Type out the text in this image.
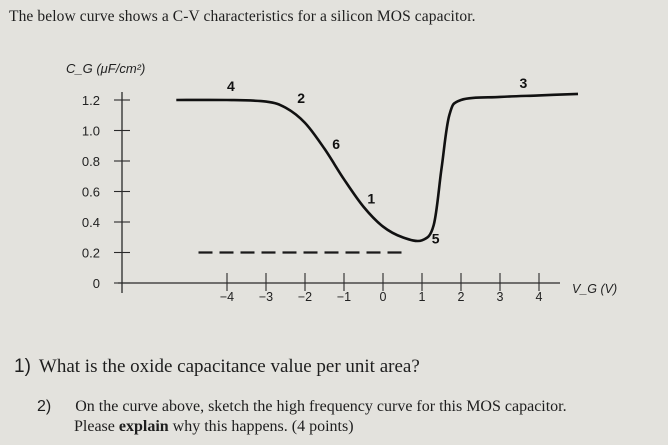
The below curve shows a C-V characteristics for a silicon MOS capacitor.
1.2
1.0
0.8
0.6
0.4
0.2
0
−4 −3 −2 −1 0	1	2	3	4
C_G (μF/cm²)
V_G (V)
4
2
6
1
5
3
1) What is the oxide capacitance value per unit area?
2) On the curve above, sketch the high frequency curve for this MOS capacitor.
Please explain why this happens. (4 points)
